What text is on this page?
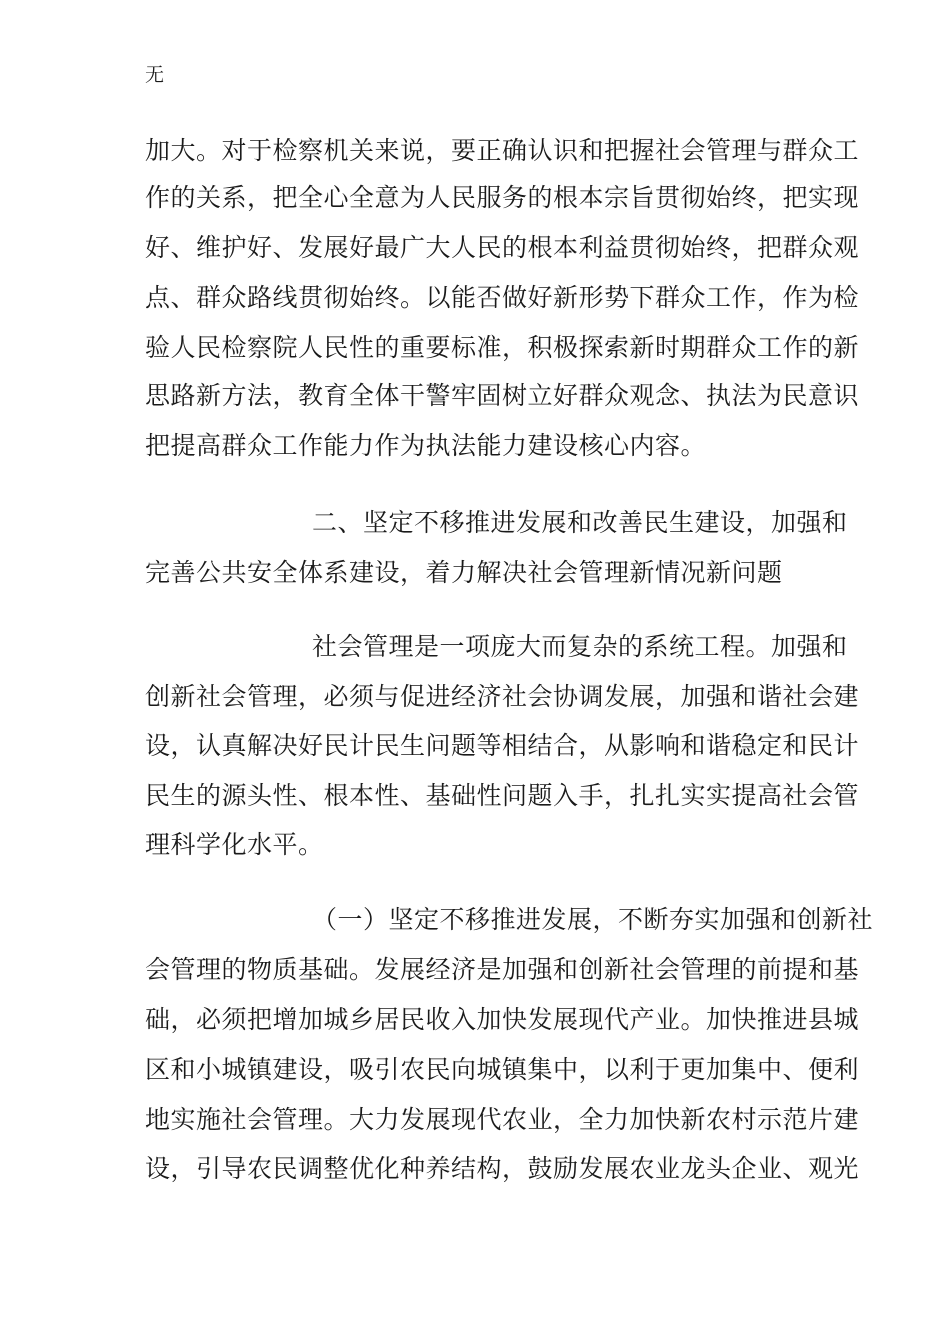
无
加大。对于检察机关来说，要正确认识和把握社会管理与群众工
作的关系，把全心全意为人民服务的根本宗旨贯彻始终，把实现
好、维护好、发展好最广大人民的根本利益贯彻始终，把群众观
点、群众路线贯彻始终。以能否做好新形势下群众工作，作为检
验人民检察院人民性的重要标准，积极探索新时期群众工作的新
思路新方法，教育全体干警牢固树立好群众观念、执法为民意识
把提高群众工作能力作为执法能力建设核心内容。
二、坚定不移推进发展和改善民生建设，加强和
完善公共安全体系建设，着力解决社会管理新情况新问题
社会管理是一项庞大而复杂的系统工程。加强和
创新社会管理，必须与促进经济社会协调发展，加强和谐社会建
设，认真解决好民计民生问题等相结合，从影响和谐稳定和民计
民生的源头性、根本性、基础性问题入手，扎扎实实提高社会管
理科学化水平。
（一）坚定不移推进发展，不断夯实加强和创新社
会管理的物质基础。发展经济是加强和创新社会管理的前提和基
础，必须把增加城乡居民收入加快发展现代产业。加快推进县城
区和小城镇建设，吸引农民向城镇集中，以利于更加集中、便利
地实施社会管理。大力发展现代农业，全力加快新农村示范片建
设，引导农民调整优化种养结构，鼓励发展农业龙头企业、观光
